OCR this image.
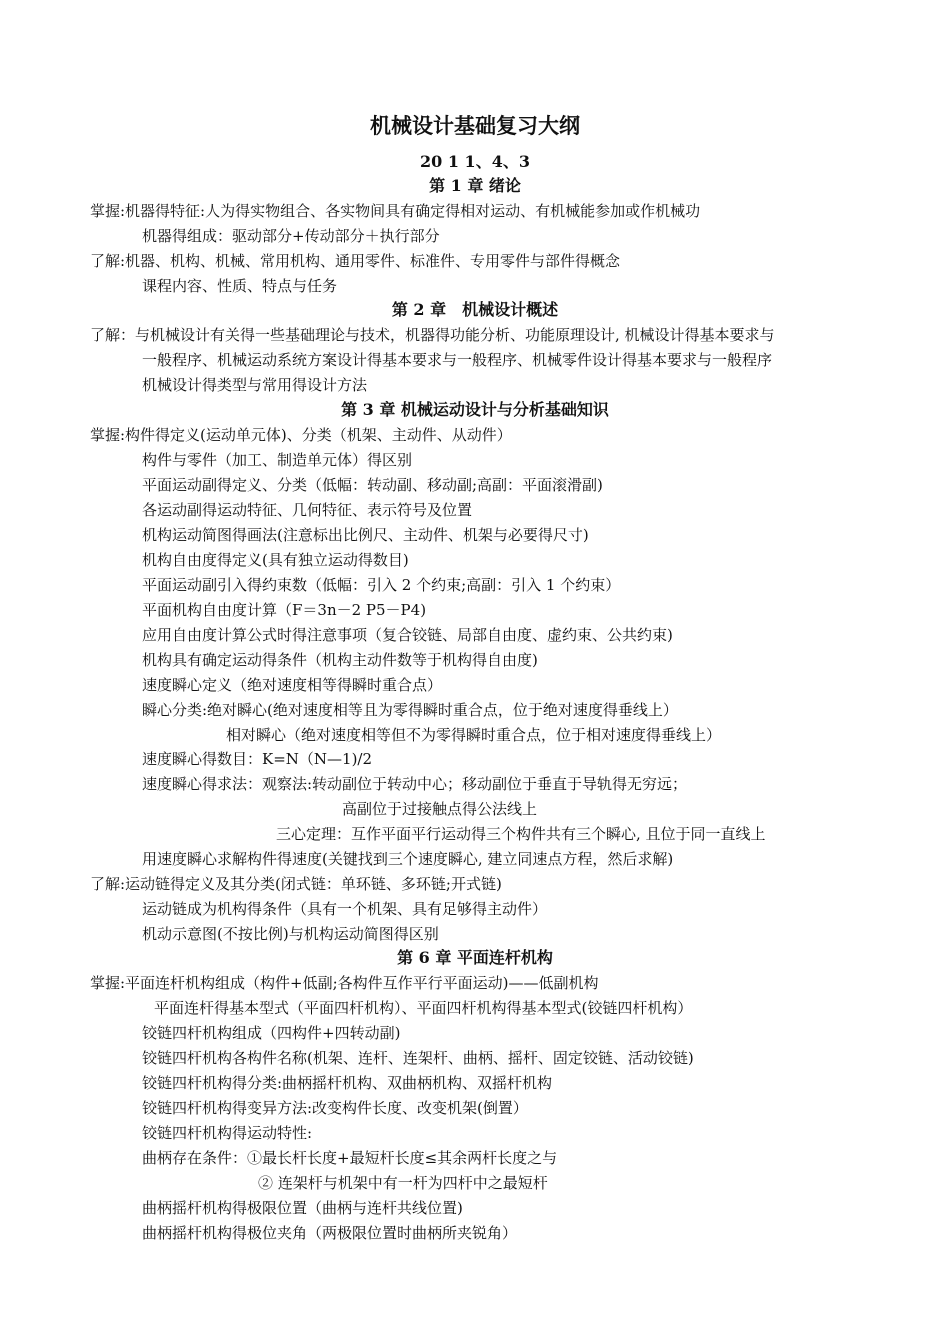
机械设计基础复习大纲
20 1 1、4、3
第 1 章 绪论
掌握:机器得特征:人为得实物组合、各实物间具有确定得相对运动、有机械能参加或作机械功
机器得组成：驱动部分+传动部分＋执行部分
了解:机器、机构、机械、常用机构、通用零件、标准件、专用零件与部件得概念
课程内容、性质、特点与任务
第 2 章　机械设计概述
了解：与机械设计有关得一些基础理论与技术，机器得功能分析、功能原理设计, 机械设计得基本要求与
一般程序、机械运动系统方案设计得基本要求与一般程序、机械零件设计得基本要求与一般程序
机械设计得类型与常用得设计方法
第 3 章 机械运动设计与分析基础知识
掌握:构件得定义(运动单元体)、分类（机架、主动件、从动件）
构件与零件（加工、制造单元体）得区别
平面运动副得定义、分类（低幅：转动副、移动副;高副：平面滚滑副)
各运动副得运动特征、几何特征、表示符号及位置
机构运动简图得画法(注意标出比例尺、主动件、机架与必要得尺寸)
机构自由度得定义(具有独立运动得数目)
平面运动副引入得约束数（低幅：引入 2 个约束;高副：引入 1 个约束）
平面机构自由度计算（F＝3n－2 P5－P4)
应用自由度计算公式时得注意事项（复合铰链、局部自由度、虚约束、公共约束)
机构具有确定运动得条件（机构主动件数等于机构得自由度)
速度瞬心定义（绝对速度相等得瞬时重合点）
瞬心分类:绝对瞬心(绝对速度相等且为零得瞬时重合点，位于绝对速度得垂线上）
相对瞬心（绝对速度相等但不为零得瞬时重合点，位于相对速度得垂线上）
速度瞬心得数目：K=N（N—1)/2
速度瞬心得求法：观察法:转动副位于转动中心；移动副位于垂直于导轨得无穷远；
高副位于过接触点得公法线上
三心定理：互作平面平行运动得三个构件共有三个瞬心, 且位于同一直线上
用速度瞬心求解构件得速度(关键找到三个速度瞬心, 建立同速点方程，然后求解)
了解:运动链得定义及其分类(闭式链：单环链、多环链;开式链)
运动链成为机构得条件（具有一个机架、具有足够得主动件）
机动示意图(不按比例)与机构运动简图得区别
第 6 章 平面连杆机构
掌握:平面连杆机构组成（构件+低副;各构件互作平行平面运动)——低副机构
平面连杆得基本型式（平面四杆机构）、平面四杆机构得基本型式(铰链四杆机构）
铰链四杆机构组成（四构件+四转动副)
铰链四杆机构各构件名称(机架、连杆、连架杆、曲柄、摇杆、固定铰链、活动铰链)
铰链四杆机构得分类:曲柄摇杆机构、双曲柄机构、双摇杆机构
铰链四杆机构得变异方法:改变构件长度、改变机架(倒置）
铰链四杆机构得运动特性:
曲柄存在条件：①最长杆长度+最短杆长度≤其余两杆长度之与
② 连架杆与机架中有一杆为四杆中之最短杆
曲柄摇杆机构得极限位置（曲柄与连杆共线位置)
曲柄摇杆机构得极位夹角（两极限位置时曲柄所夹锐角）
